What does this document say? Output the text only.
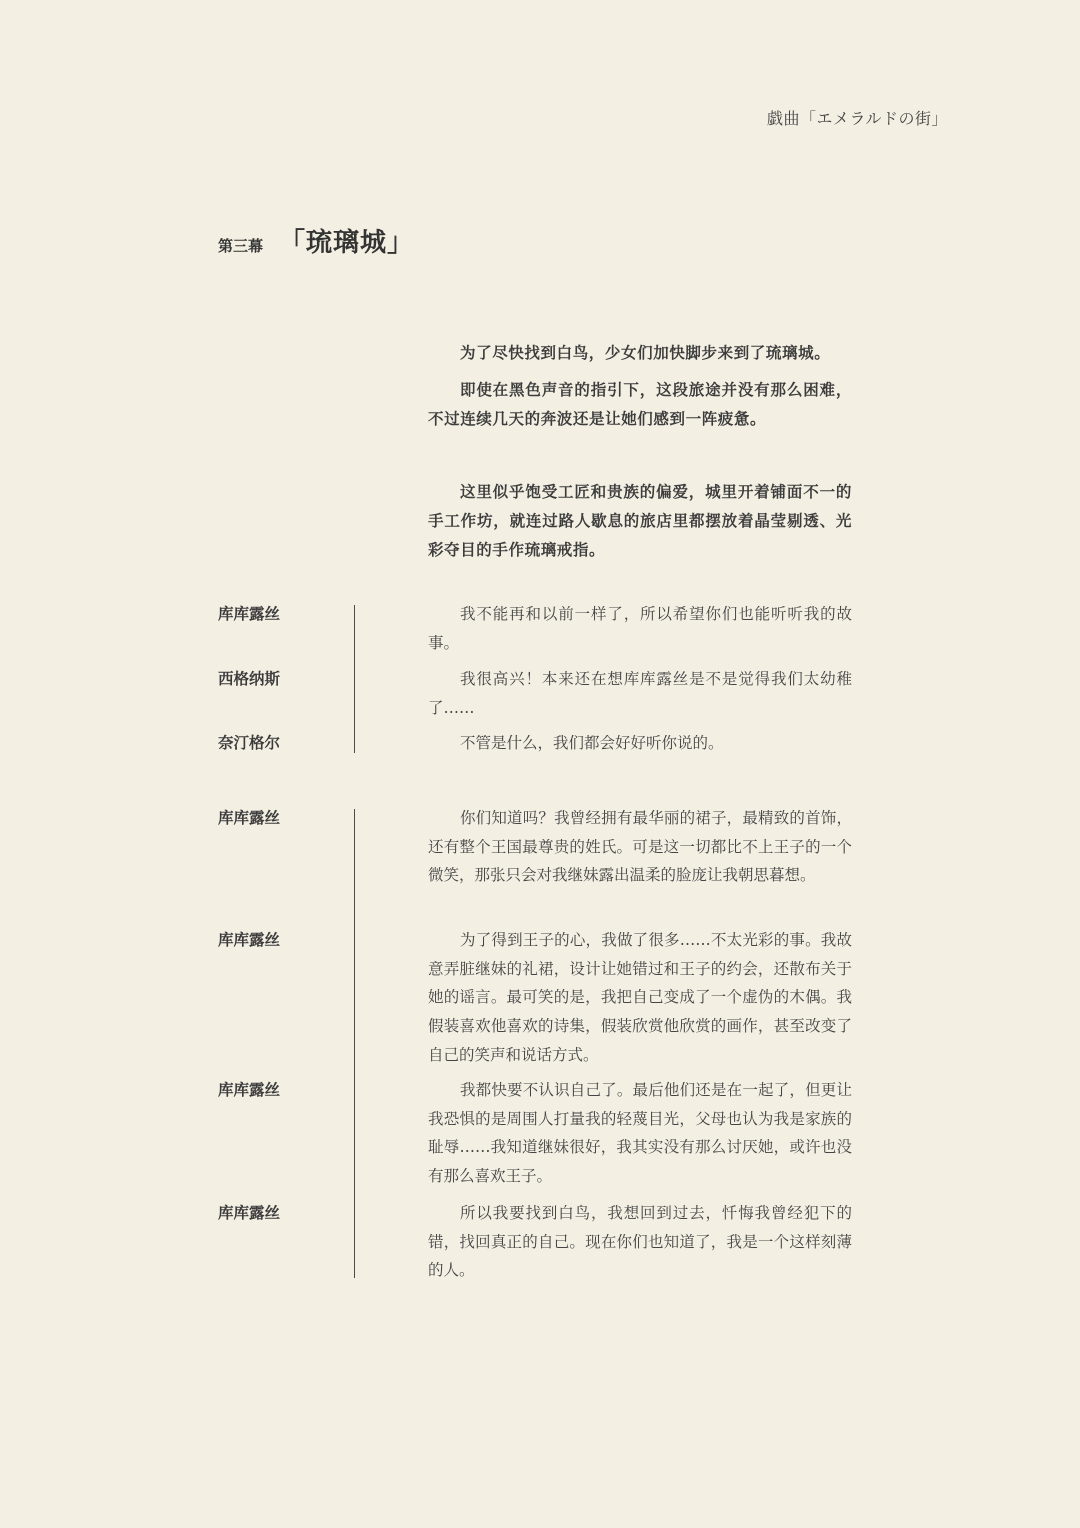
戯曲「エメラルドの街」
第三幕 「琉璃城」

为了尽快找到白鸟，少女们加快脚步来到了琉璃城。

即使在黑色声音的指引下，这段旅途并没有那么困难，不过连续几天的奔波还是让她们感到一阵疲惫。

这里似乎饱受工匠和贵族的偏爱，城里开着铺面不一的手工作坊，就连过路人歇息的旅店里都摆放着晶莹剔透、光彩夺目的手作琉璃戒指。

库库露丝	我不能再和以前一样了，所以希望你们也能听听我的故事。

西格纳斯	我很高兴！本来还在想库库露丝是不是觉得我们太幼稚了……

奈汀格尔	不管是什么，我们都会好好听你说的。

库库露丝	你们知道吗？我曾经拥有最华丽的裙子，最精致的首饰，还有整个王国最尊贵的姓氏。可是这一切都比不上王子的一个微笑，那张只会对我继妹露出温柔的脸庞让我朝思暮想。

库库露丝	为了得到王子的心，我做了很多……不太光彩的事。我故意弄脏继妹的礼裙，设计让她错过和王子的约会，还散布关于她的谣言。最可笑的是，我把自己变成了一个虚伪的木偶。我假装喜欢他喜欢的诗集，假装欣赏他欣赏的画作，甚至改变了自己的笑声和说话方式。

库库露丝	我都快要不认识自己了。最后他们还是在一起了，但更让我恐惧的是周围人打量我的轻蔑目光，父母也认为我是家族的耻辱……我知道继妹很好，我其实没有那么讨厌她，或许也没有那么喜欢王子。

库库露丝	所以我要找到白鸟，我想回到过去，忏悔我曾经犯下的错，找回真正的自己。现在你们也知道了，我是一个这样刻薄的人。
